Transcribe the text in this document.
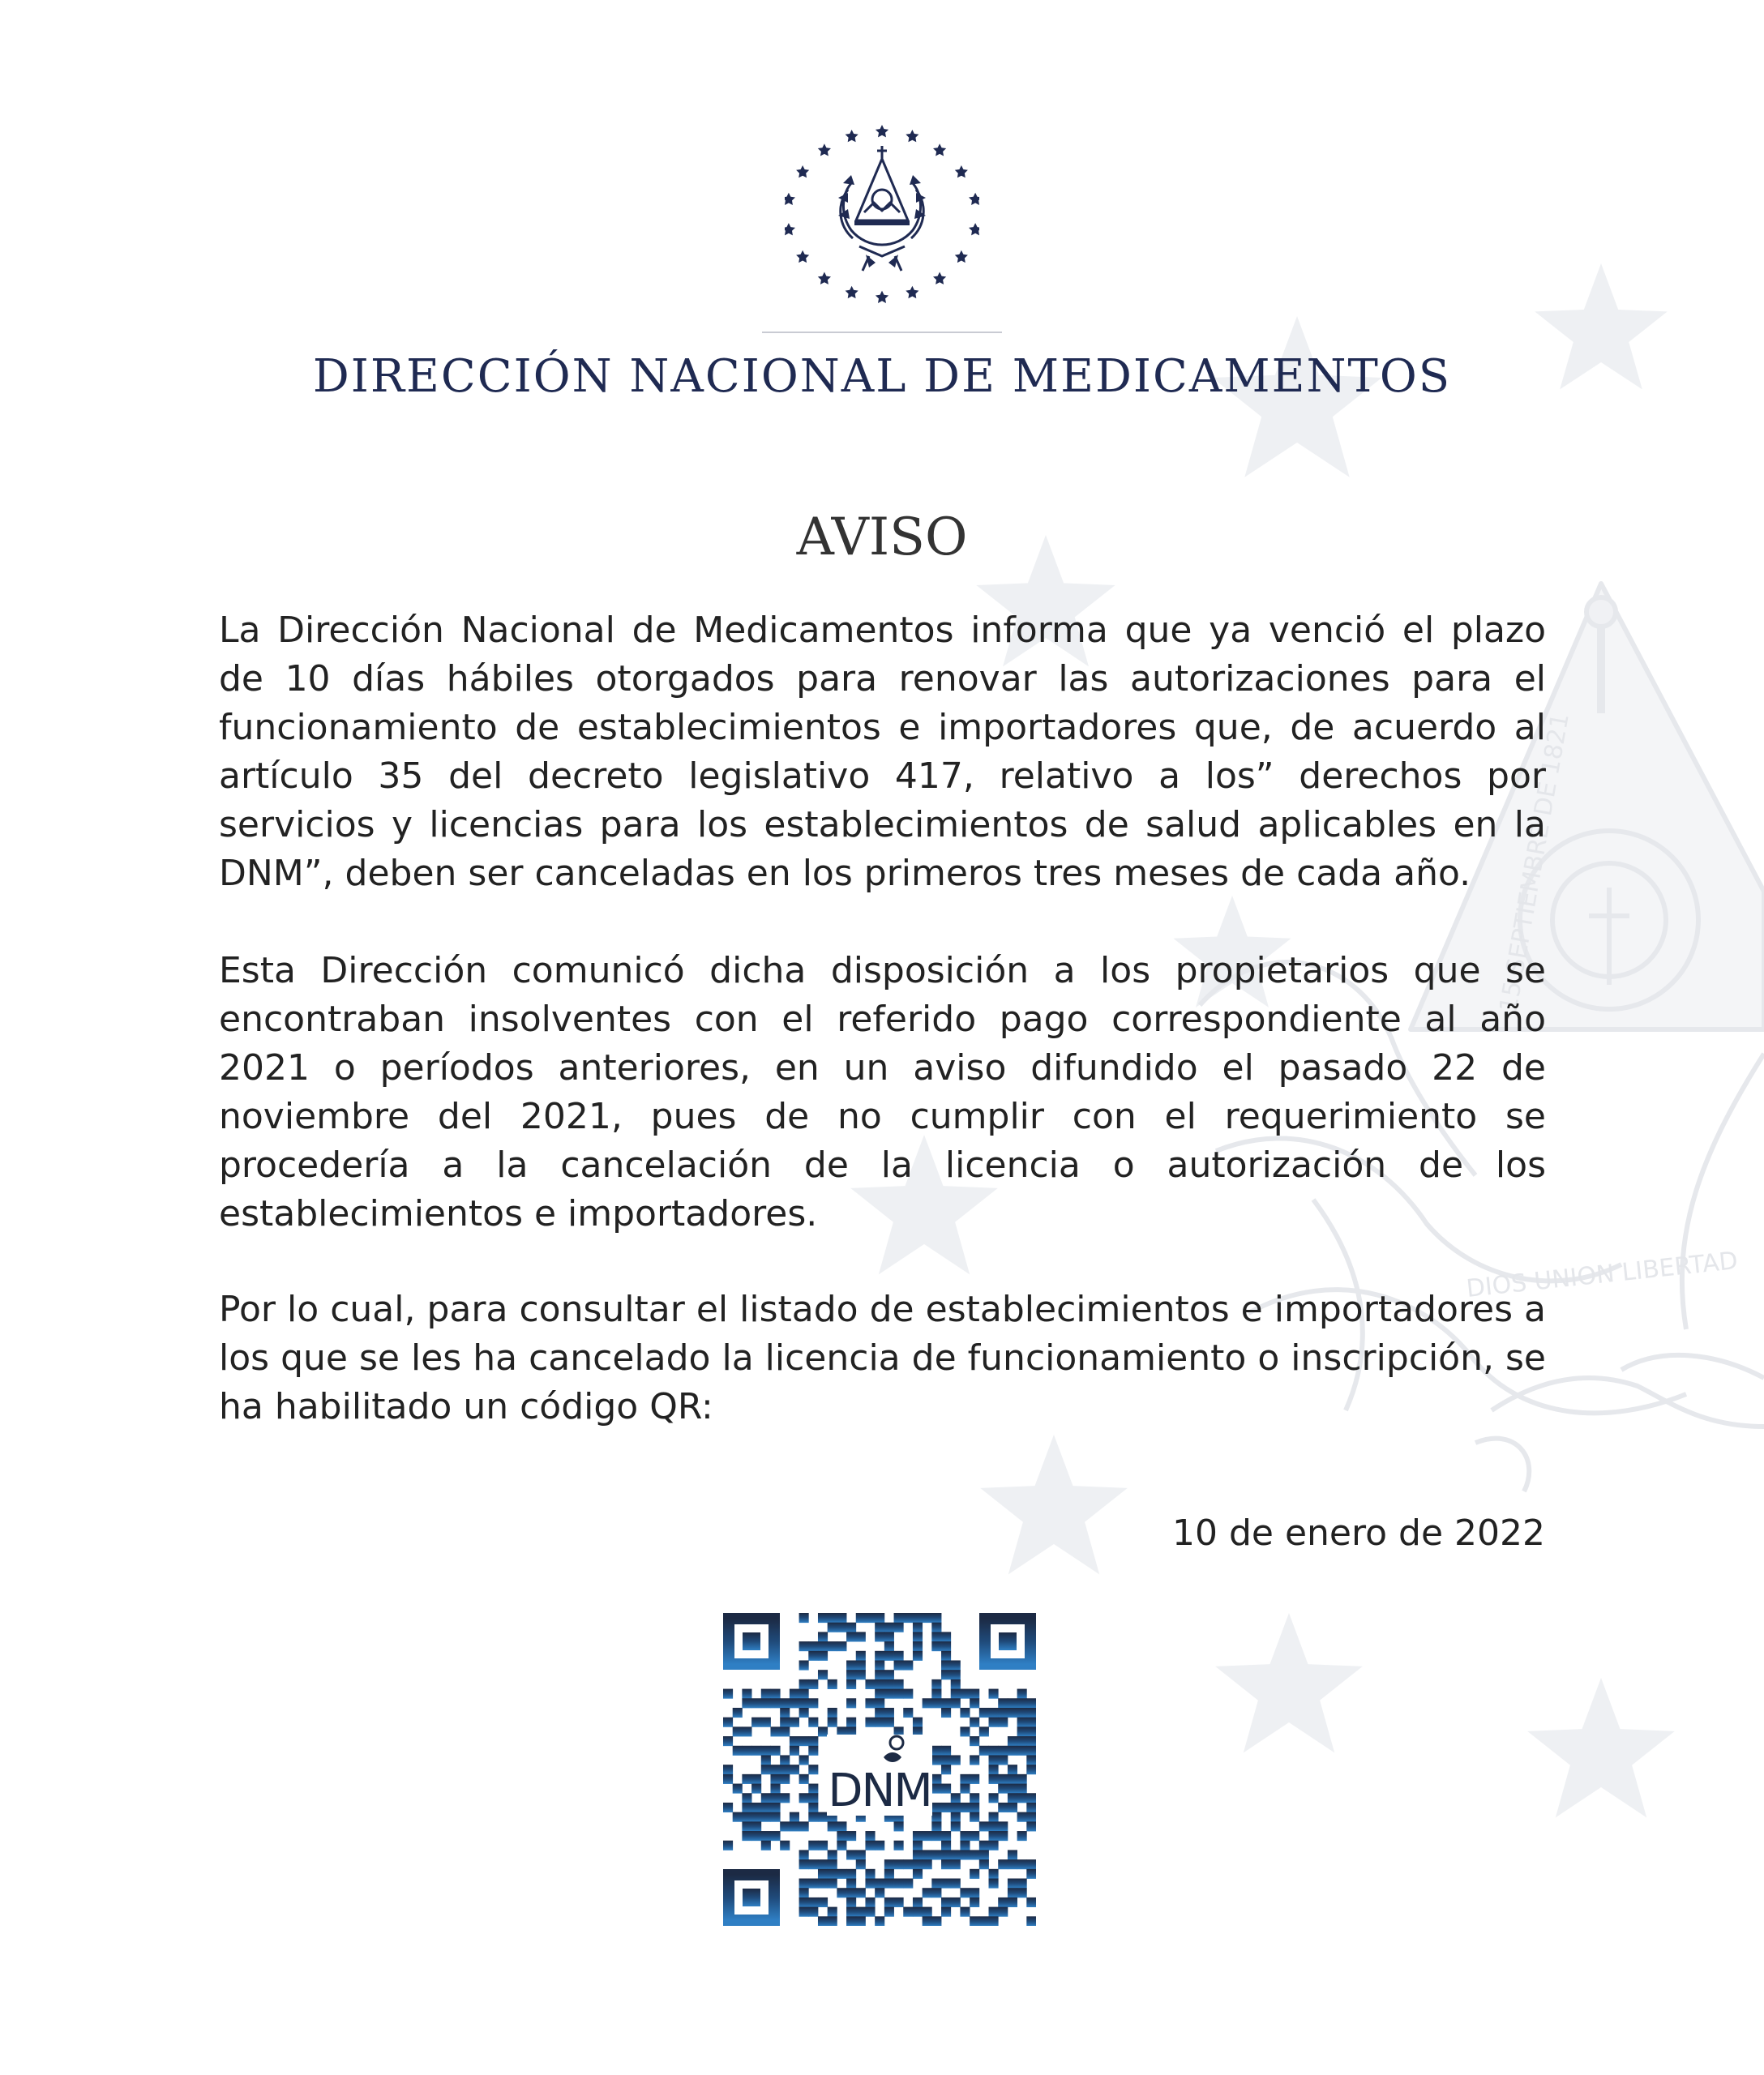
15 SEPTIEMBRE DE 1821
DIOS UNION LIBERTAD
DIRECCIÓN NACIONAL DE MEDICAMENTOS
AVISO

La Dirección Nacional de Medicamentos informa que ya venció el plazo de 10 días hábiles otorgados para renovar las autorizaciones para el funcionamiento de establecimientos e importadores que, de acuerdo al artículo 35 del decreto legislativo 417, relativo a los” derechos por servicios y licencias para los establecimientos de salud aplicables en la DNM”, deben ser canceladas en los primeros tres meses de cada año.

Esta Dirección comunicó dicha disposición a los propietarios que se encontraban insolventes con el referido pago correspondiente al año 2021 o períodos anteriores, en un aviso difundido el pasado 22 de noviembre del 2021, pues de no cumplir con el requerimiento se procedería a la cancelación de la licencia o autorización de los establecimientos e importadores.

Por lo cual, para consultar el listado de establecimientos e importadores a los que se les ha cancelado la licencia de funcionamiento o inscripción, se ha habilitado un código QR:

10 de enero de 2022
DNM
